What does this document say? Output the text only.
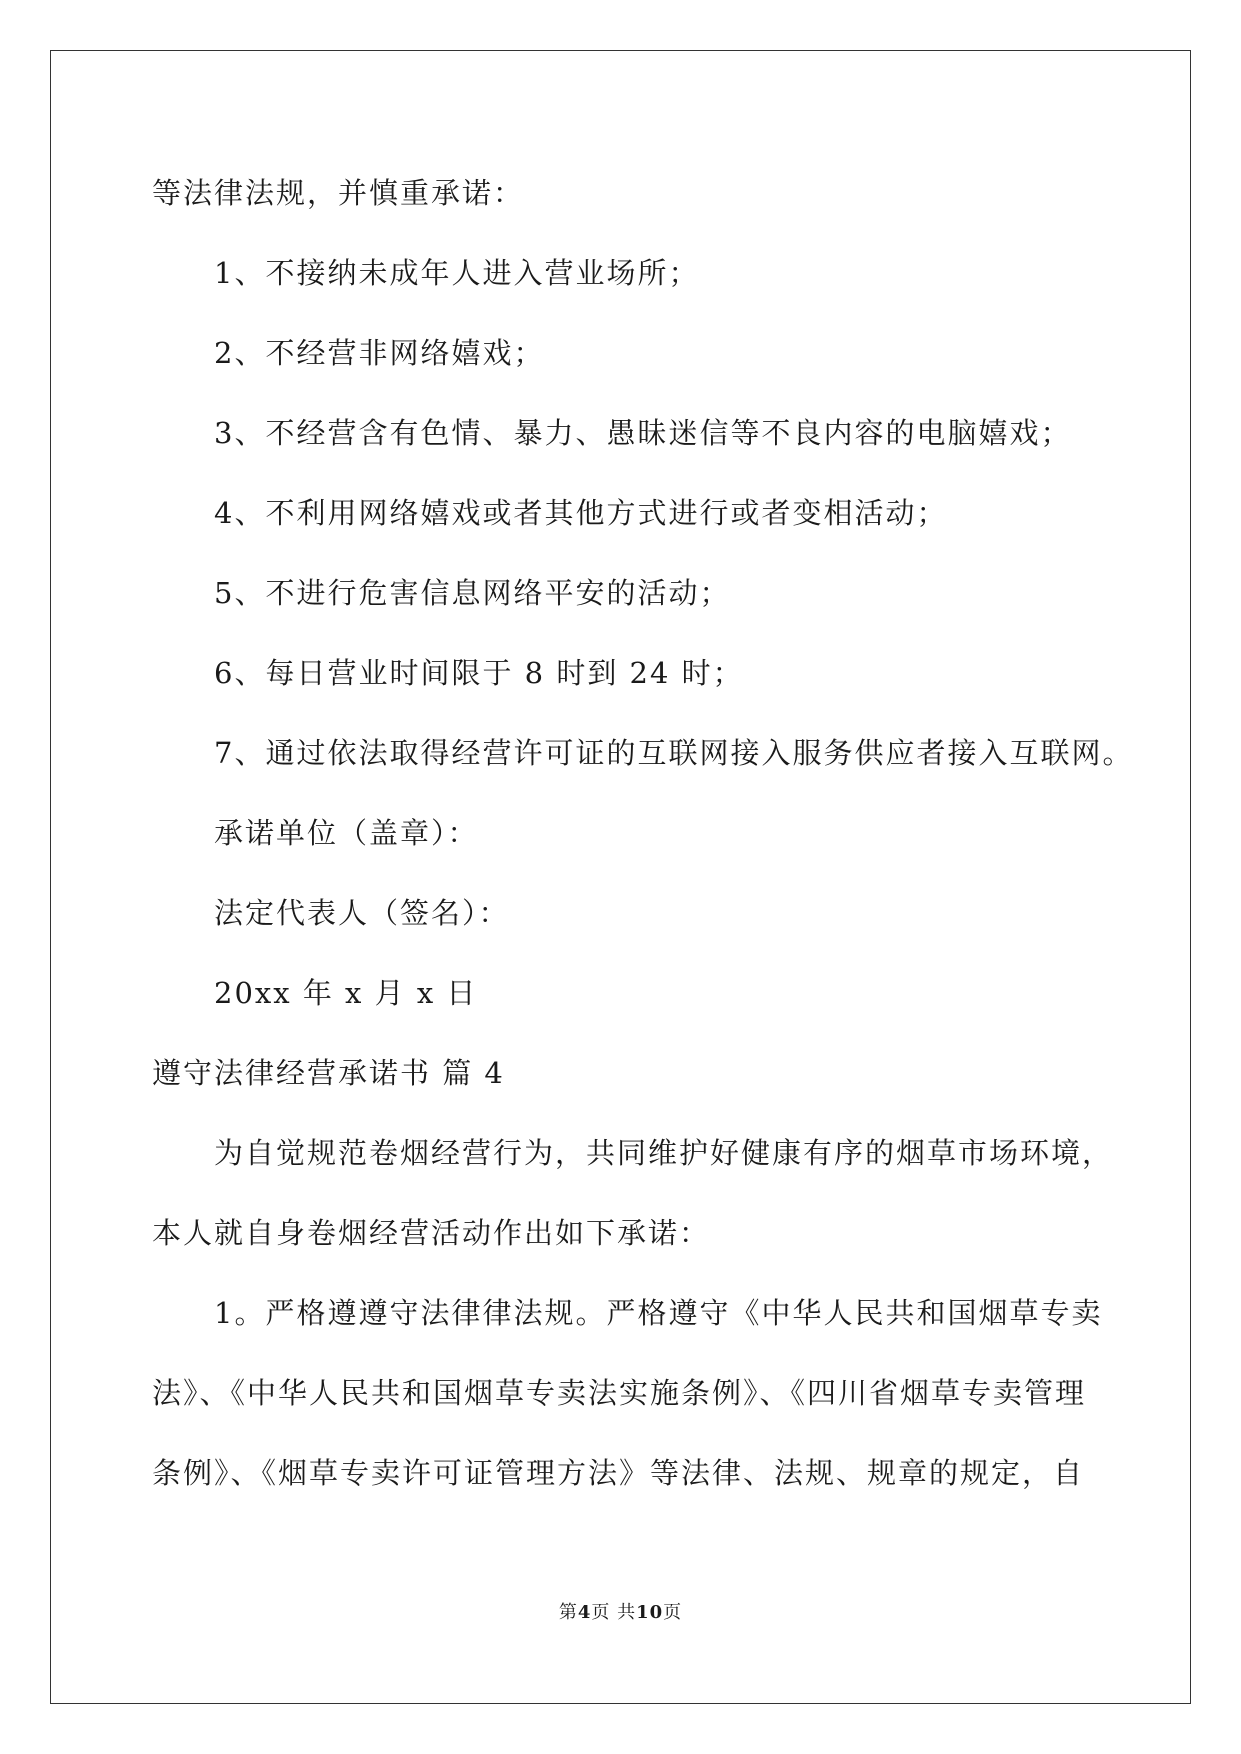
等法律法规，并慎重承诺：
1、不接纳未成年人进入营业场所；
2、不经营非网络嬉戏；
3、不经营含有色情、暴力、愚昧迷信等不良内容的电脑嬉戏；
4、不利用网络嬉戏或者其他方式进行或者变相活动；
5、不进行危害信息网络平安的活动；
6、每日营业时间限于 8 时到 24 时；
7、通过依法取得经营许可证的互联网接入服务供应者接入互联网。
承诺单位（盖章）：
法定代表人（签名）：
20xx 年 x 月 x 日
遵守法律经营承诺书 篇 4
为自觉规范卷烟经营行为，共同维护好健康有序的烟草市场环境，
本人就自身卷烟经营活动作出如下承诺：
1。严格遵遵守法律律法规。严格遵守《中华人民共和国烟草专卖
法》、《中华人民共和国烟草专卖法实施条例》、《四川省烟草专卖管理
条例》、《烟草专卖许可证管理方法》等法律、法规、规章的规定，自
第4页 共10页
